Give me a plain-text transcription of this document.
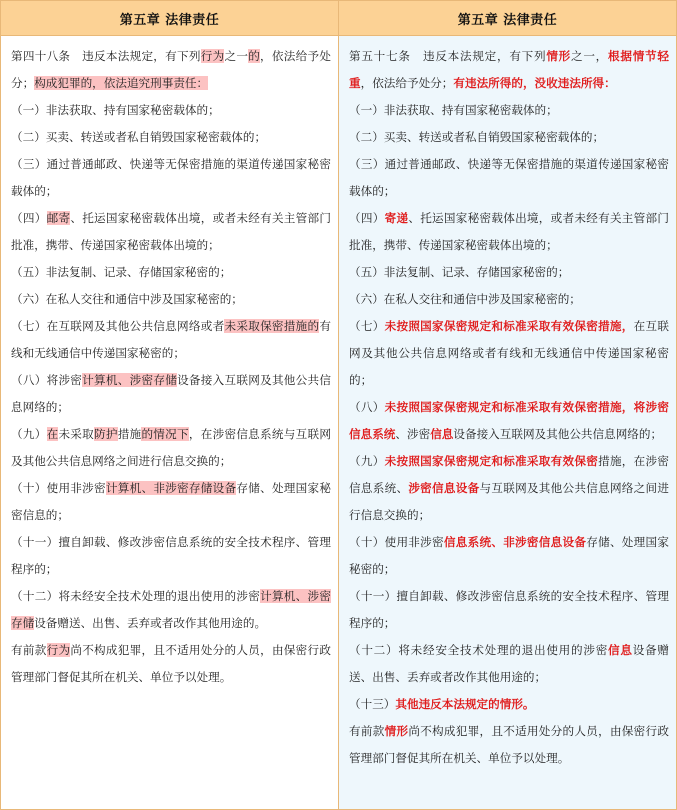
第五章 法律责任	第五章 法律责任

第四十八条　违反本法规定，有下列行为之一的，依法给予处分；构成犯罪的，依法追究刑事责任：

（一）非法获取、持有国家秘密载体的；

（二）买卖、转送或者私自销毁国家秘密载体的；

（三）通过普通邮政、快递等无保密措施的渠道传递国家秘密载体的；

（四）邮寄、托运国家秘密载体出境，或者未经有关主管部门批准，携带、传递国家秘密载体出境的；

（五）非法复制、记录、存储国家秘密的；

（六）在私人交往和通信中涉及国家秘密的；

（七）在互联网及其他公共信息网络或者未采取保密措施的有线和无线通信中传递国家秘密的；

（八）将涉密计算机、涉密存储设备接入互联网及其他公共信息网络的；

（九）在未采取防护措施的情况下，在涉密信息系统与互联网及其他公共信息网络之间进行信息交换的；

（十）使用非涉密计算机、非涉密存储设备存储、处理国家秘密信息的；

（十一）擅自卸载、修改涉密信息系统的安全技术程序、管理程序的；

（十二）将未经安全技术处理的退出使用的涉密计算机、涉密存储设备赠送、出售、丢弃或者改作其他用途的。

有前款行为尚不构成犯罪，且不适用处分的人员，由保密行政管理部门督促其所在机关、单位予以处理。

第五十七条　违反本法规定，有下列情形之一，根据情节轻重，依法给予处分；有违法所得的，没收违法所得：

（一）非法获取、持有国家秘密载体的；

（二）买卖、转送或者私自销毁国家秘密载体的；

（三）通过普通邮政、快递等无保密措施的渠道传递国家秘密载体的；

（四）寄递、托运国家秘密载体出境，或者未经有关主管部门批准，携带、传递国家秘密载体出境的；

（五）非法复制、记录、存储国家秘密的；

（六）在私人交往和通信中涉及国家秘密的；

（七）未按照国家保密规定和标准采取有效保密措施，在互联网及其他公共信息网络或者有线和无线通信中传递国家秘密的；

（八）未按照国家保密规定和标准采取有效保密措施，将涉密信息系统、涉密信息设备接入互联网及其他公共信息网络的；

（九）未按照国家保密规定和标准采取有效保密措施，在涉密信息系统、涉密信息设备与互联网及其他公共信息网络之间进行信息交换的；

（十）使用非涉密信息系统、非涉密信息设备存储、处理国家秘密的；

（十一）擅自卸载、修改涉密信息系统的安全技术程序、管理程序的；

（十二）将未经安全技术处理的退出使用的涉密信息设备赠送、出售、丢弃或者改作其他用途的；

（十三）其他违反本法规定的情形。

有前款情形尚不构成犯罪，且不适用处分的人员，由保密行政管理部门督促其所在机关、单位予以处理。
